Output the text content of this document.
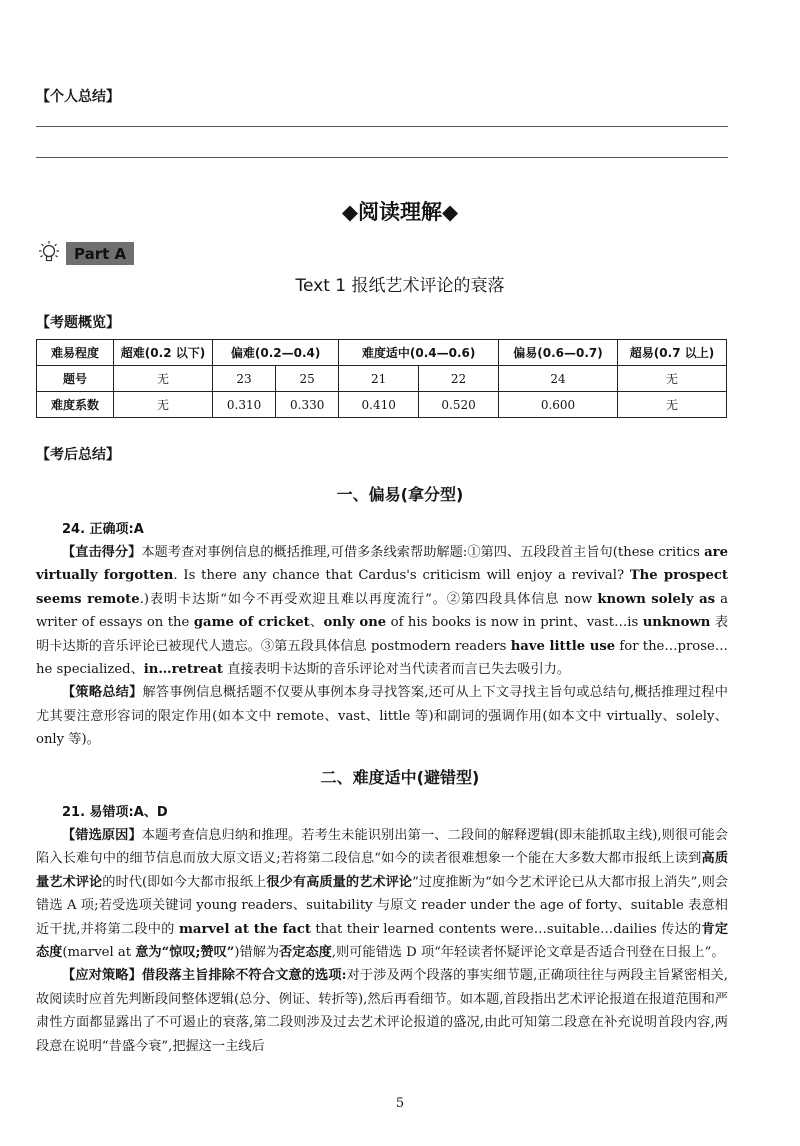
【个人总结】
◆阅读理解◆
Part A
Text 1 报纸艺术评论的衰落
【考题概览】
难易程度	超难(0.2 以下)	偏难(0.2—0.4)		难度适中(0.4—0.6)		偏易(0.6—0.7)	超易(0.7 以上)
题号	无	23	25	21	22	24	无
难度系数	无	0.310	0.330	0.410	0.520	0.600	无
【考后总结】
一、偏易(拿分型)
24. 正确项:A

【直击得分】本题考查对事例信息的概括推理,可借多条线索帮助解题:①第四、五段段首主旨句(these critics are virtually forgotten. Is there any chance that Cardus's criticism will enjoy a revival? The prospect seems remote.)表明卡达斯“如今不再受欢迎且难以再度流行”。②第四段具体信息 now known solely as a writer of essays on the game of cricket、only one of his books is now in print、vast…is unknown 表明卡达斯的音乐评论已被现代人遗忘。③第五段具体信息 postmodern readers have little use for the…prose…he specialized、in…retreat 直接表明卡达斯的音乐评论对当代读者而言已失去吸引力。

【策略总结】解答事例信息概括题不仅要从事例本身寻找答案,还可从上下文寻找主旨句或总结句,概括推理过程中尤其要注意形容词的限定作用(如本文中 remote、vast、little 等)和副词的强调作用(如本文中 virtually、solely、only 等)。

二、难度适中(避错型)
21. 易错项:A、D

【错选原因】本题考查信息归纳和推理。若考生未能识别出第一、二段间的解释逻辑(即未能抓取主线),则很可能会陷入长难句中的细节信息而放大原文语义;若将第二段信息“如今的读者很难想象一个能在大多数大都市报纸上读到高质量艺术评论的时代(即如今大都市报纸上很少有高质量的艺术评论”过度推断为“如今艺术评论已从大都市报上消失”,则会错选 A 项;若受选项关键词 young readers、suitability 与原文 reader under the age of forty、suitable 表意相近干扰,并将第二段中的 marvel at the fact that their learned contents were…suitable…dailies 传达的肯定态度(marvel at 意为“惊叹;赞叹”)错解为否定态度,则可能错选 D 项“年轻读者怀疑评论文章是否适合刊登在日报上”。

【应对策略】借段落主旨排除不符合文意的选项:对于涉及两个段落的事实细节题,正确项往往与两段主旨紧密相关,故阅读时应首先判断段间整体逻辑(总分、例证、转折等),然后再看细节。如本题,首段指出艺术评论报道在报道范围和严肃性方面都显露出了不可遏止的衰落,第二段则涉及过去艺术评论报道的盛况,由此可知第二段意在补充说明首段内容,两段意在说明“昔盛今衰”,把握这一主线后

5
